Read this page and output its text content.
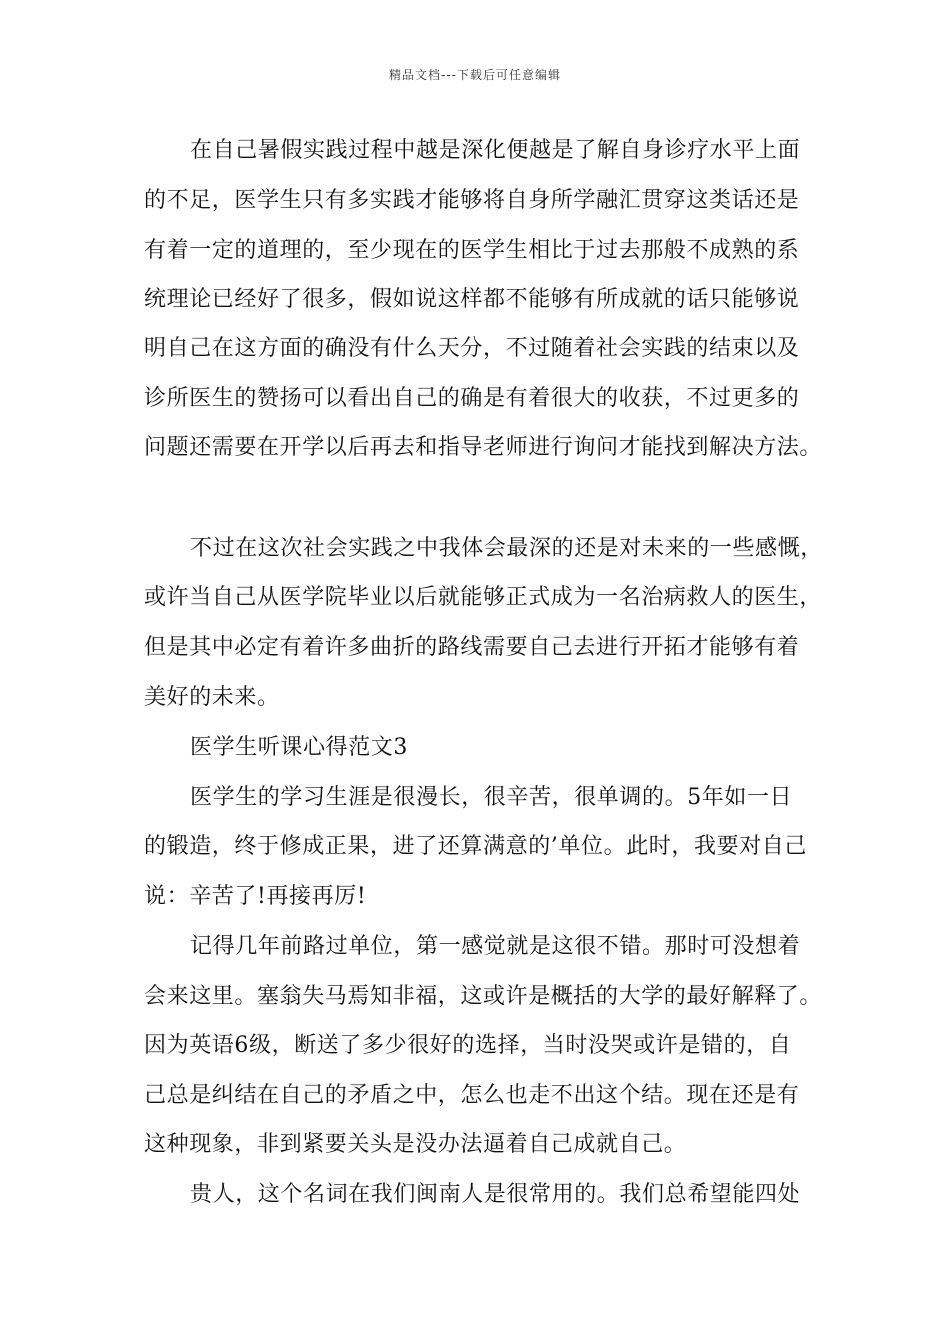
精品文档---下载后可任意编辑
在自己暑假实践过程中越是深化便越是了解自身诊疗水平上面
的不足，医学生只有多实践才能够将自身所学融汇贯穿这类话还是
有着一定的道理的，至少现在的医学生相比于过去那般不成熟的系
统理论已经好了很多，假如说这样都不能够有所成就的话只能够说
明自己在这方面的确没有什么天分，不过随着社会实践的结束以及
诊所医生的赞扬可以看出自己的确是有着很大的收获，不过更多的
问题还需要在开学以后再去和指导老师进行询问才能找到解决方法。
不过在这次社会实践之中我体会最深的还是对未来的一些感慨，
或许当自己从医学院毕业以后就能够正式成为一名治病救人的医生，
但是其中必定有着许多曲折的路线需要自己去进行开拓才能够有着
美好的未来。
医学生听课心得范文3
医学生的学习生涯是很漫长，很辛苦，很单调的。5年如一日
的锻造，终于修成正果，进了还算满意的’单位。此时，我要对自己
说：辛苦了!再接再厉!
记得几年前路过单位，第一感觉就是这很不错。那时可没想着
会来这里。塞翁失马焉知非福，这或许是概括的大学的最好解释了。
因为英语6级，断送了多少很好的选择，当时没哭或许是错的，自
己总是纠结在自己的矛盾之中，怎么也走不出这个结。现在还是有
这种现象，非到紧要关头是没办法逼着自己成就自己。
贵人，这个名词在我们闽南人是很常用的。我们总希望能四处
